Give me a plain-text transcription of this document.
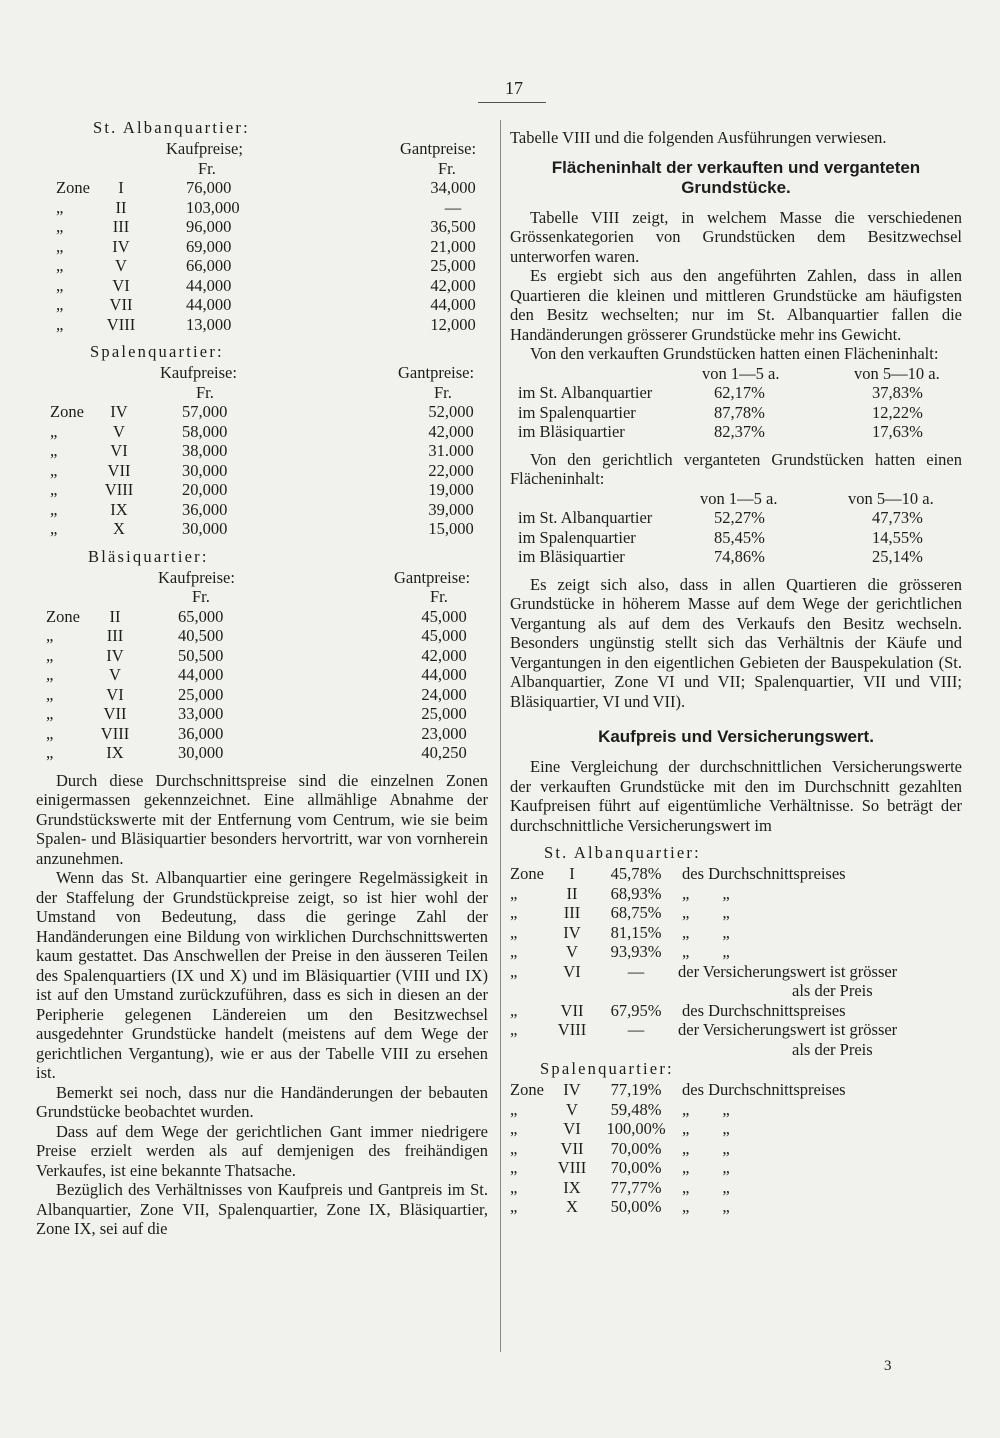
17
St. Albanquartier:
Kaufpreise;	Gantpreise:
Fr.	Fr.
Zone	I	76,000	34,000
„	II	103,000	—
„	III	96,000	36,500
„	IV	69,000	21,000
„	V	66,000	25,000
„	VI	44,000	42,000
„	VII	44,000	44,000
„	VIII	13,000	12,000
Spalenquartier:
Kaufpreise:	Gantpreise:
Fr.	Fr.
Zone	IV	57,000	52,000
„	V	58,000	42,000
„	VI	38,000	31.000
„	VII	30,000	22,000
„	VIII	20,000	19,000
„	IX	36,000	39,000
„	X	30,000	15,000
Bläsiquartier:
Kaufpreise:	Gantpreise:
Fr.	Fr.
Zone	II	65,000	45,000
„	III	40,500	45,000
„	IV	50,500	42,000
„	V	44,000	44,000
„	VI	25,000	24,000
„	VII	33,000	25,000
„	VIII	36,000	23,000
„	IX	30,000	40,250

Durch diese Durchschnittspreise sind die einzelnen Zonen einigermassen gekennzeichnet. Eine allmählige Abnahme der Grundstückswerte mit der Entfernung vom Centrum, wie sie beim Spalen- und Bläsiquartier besonders hervortritt, war von vornherein anzunehmen.

Wenn das St. Albanquartier eine geringere Regelmässigkeit in der Staffelung der Grundstückpreise zeigt, so ist hier wohl der Umstand von Bedeutung, dass die geringe Zahl der Handänderungen eine Bildung von wirklichen Durchschnittswerten kaum gestattet. Das Anschwellen der Preise in den äusseren Teilen des Spalenquartiers (IX und X) und im Bläsiquartier (VIII und IX) ist auf den Umstand zurückzuführen, dass es sich in diesen an der Peripherie gelegenen Ländereien um den Besitzwechsel ausgedehnter Grundstücke handelt (meistens auf dem Wege der gerichtlichen Vergantung), wie er aus der Tabelle VIII zu ersehen ist.

Bemerkt sei noch, dass nur die Handänderungen der bebauten Grundstücke beobachtet wurden.

Dass auf dem Wege der gerichtlichen Gant immer niedrigere Preise erzielt werden als auf demjenigen des freihändigen Verkaufes, ist eine bekannte Thatsache.

Bezüglich des Verhältnisses von Kaufpreis und Gantpreis im St. Albanquartier, Zone VII, Spalenquartier, Zone IX, Bläsiquartier, Zone IX, sei auf die

Tabelle VIII und die folgenden Ausführungen verwiesen.

Flächeninhalt der verkauften und verganteten Grundstücke.

Tabelle VIII zeigt, in welchem Masse die verschiedenen Grössenkategorien von Grundstücken dem Besitzwechsel unterworfen waren.

Es ergiebt sich aus den angeführten Zahlen, dass in allen Quartieren die kleinen und mittleren Grundstücke am häufigsten den Besitz wechselten; nur im St. Albanquartier fallen die Handänderungen grösserer Grundstücke mehr ins Gewicht.

Von den verkauften Grundstücken hatten einen Flächeninhalt:

von 1—5 a.	von 5—10 a.
im St. Albanquartier	62,17%	37,83%
im Spalenquartier	87,78%	12,22%
im Bläsiquartier	82,37%	17,63%

Von den gerichtlich verganteten Grundstücken hatten einen Flächeninhalt:

von 1—5 a.	von 5—10 a.
im St. Albanquartier	52,27%	47,73%
im Spalenquartier	85,45%	14,55%
im Bläsiquartier	74,86%	25,14%

Es zeigt sich also, dass in allen Quartieren die grösseren Grundstücke in höherem Masse auf dem Wege der gerichtlichen Vergantung als auf dem des Verkaufs den Besitz wechseln. Besonders ungünstig stellt sich das Verhältnis der Käufe und Vergantungen in den eigentlichen Gebieten der Bauspekulation (St. Albanquartier, Zone VI und VII; Spalenquartier, VII und VIII; Bläsiquartier, VI und VII).

Kaufpreis und Versicherungswert.

Eine Vergleichung der durchschnittlichen Versicherungswerte der verkauften Grundstücke mit den im Durchschnitt gezahlten Kaufpreisen führt auf eigentümliche Verhältnisse. So beträgt der durchschnittliche Versicherungswert im

St. Albanquartier:
Zone	I	45,78%	des Durchschnittspreises
„	II	68,93%	„        „
„	III	68,75%	„        „
„	IV	81,15%	„        „
„	V	93,93%	„        „
„	VI	—	der Versicherungswert ist grösser
als der Preis
„	VII	67,95%	des Durchschnittspreises
„	VIII	—	der Versicherungswert ist grösser
als der Preis
Spalenquartier:
Zone	IV	77,19%	des Durchschnittspreises
„	V	59,48%	„        „
„	VI	100,00% „        „
„	VII	70,00%	„        „
„	VIII	70,00%	„        „
„	IX	77,77%	„        „
„	X	50,00%	„        „
3
